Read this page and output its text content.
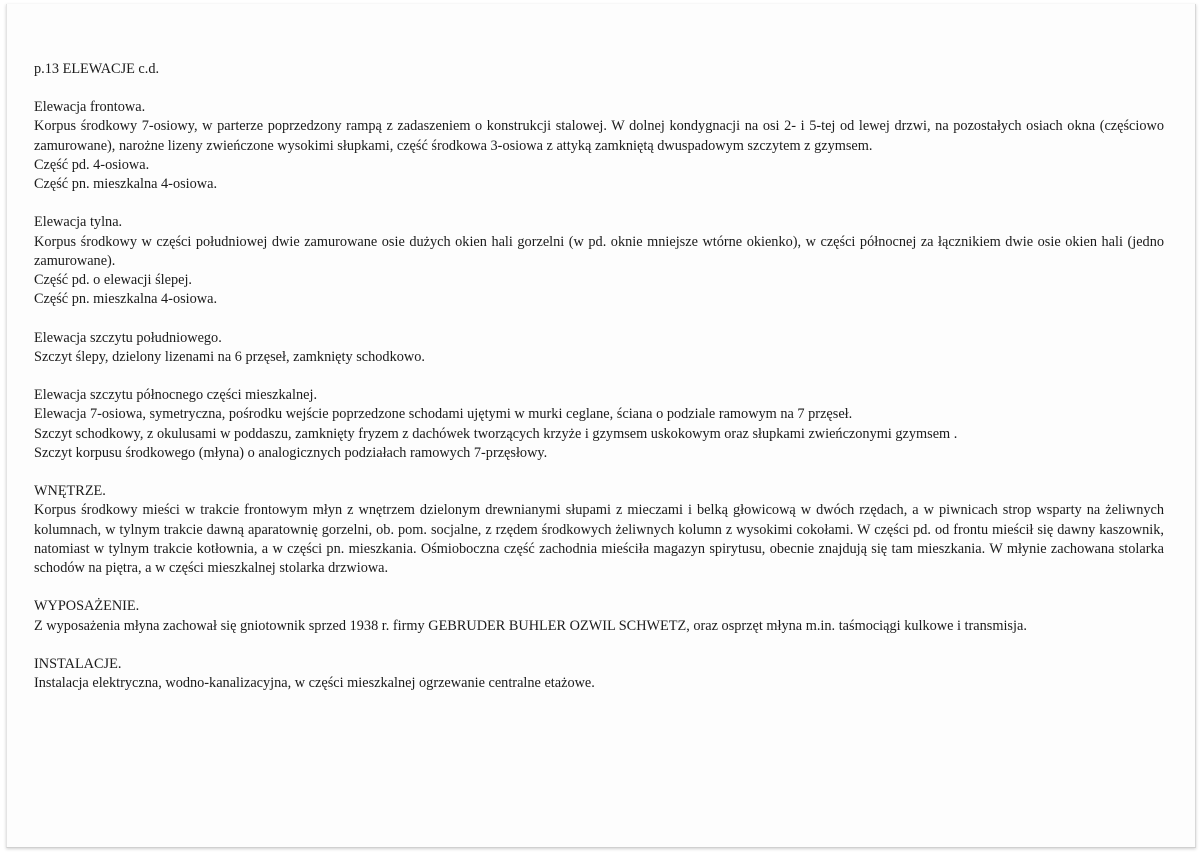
p.13 ELEWACJE c.d.
Elewacja frontowa.
Korpus środkowy 7-osiowy, w parterze poprzedzony rampą z zadaszeniem o konstrukcji stalowej. W dolnej kondygnacji na osi 2- i 5-tej od lewej drzwi, na pozostałych osiach okna (częściowo zamurowane), narożne lizeny zwieńczone wysokimi słupkami, część środkowa 3-osiowa z attyką zamkniętą dwuspadowym szczytem z gzymsem.
Część pd. 4-osiowa.
Część pn. mieszkalna 4-osiowa.
Elewacja tylna.
Korpus środkowy w części południowej dwie zamurowane osie dużych okien hali gorzelni (w pd. oknie mniejsze wtórne okienko), w części północnej za łącznikiem dwie osie okien hali (jedno zamurowane).
Część pd. o elewacji ślepej.
Część pn. mieszkalna 4-osiowa.
Elewacja szczytu południowego.
Szczyt ślepy, dzielony lizenami na 6 przęseł, zamknięty schodkowo.
Elewacja szczytu północnego części mieszkalnej.
Elewacja 7-osiowa, symetryczna, pośrodku wejście poprzedzone schodami ujętymi w murki ceglane, ściana o podziale ramowym na 7 przęseł.
Szczyt schodkowy, z okulusami w poddaszu, zamknięty fryzem z dachówek tworzących krzyże i gzymsem uskokowym oraz słupkami zwieńczonymi gzymsem .
Szczyt korpusu środkowego (młyna) o analogicznych podziałach ramowych 7-przęsłowy.
WNĘTRZE.
Korpus środkowy mieści w trakcie frontowym młyn z wnętrzem dzielonym drewnianymi słupami z mieczami i belką głowicową w dwóch rzędach, a w piwnicach strop wsparty na żeliwnych kolumnach, w tylnym trakcie dawną aparatownię gorzelni, ob. pom. socjalne, z rzędem środkowych żeliwnych kolumn z wysokimi cokołami. W części pd. od frontu mieścił się dawny kaszownik, natomiast w tylnym trakcie kotłownia, a w części pn. mieszkania. Ośmioboczna część zachodnia mieściła magazyn spirytusu, obecnie znajdują się tam mieszkania. W młynie zachowana stolarka schodów na piętra, a w części mieszkalnej stolarka drzwiowa.
WYPOSAŻENIE.
Z wyposażenia młyna zachował się gniotownik sprzed 1938 r. firmy GEBRUDER BUHLER OZWIL SCHWETZ, oraz osprzęt młyna m.in. taśmociągi kulkowe i transmisja.
INSTALACJE.
Instalacja elektryczna, wodno-kanalizacyjna, w części mieszkalnej ogrzewanie centralne etażowe.
